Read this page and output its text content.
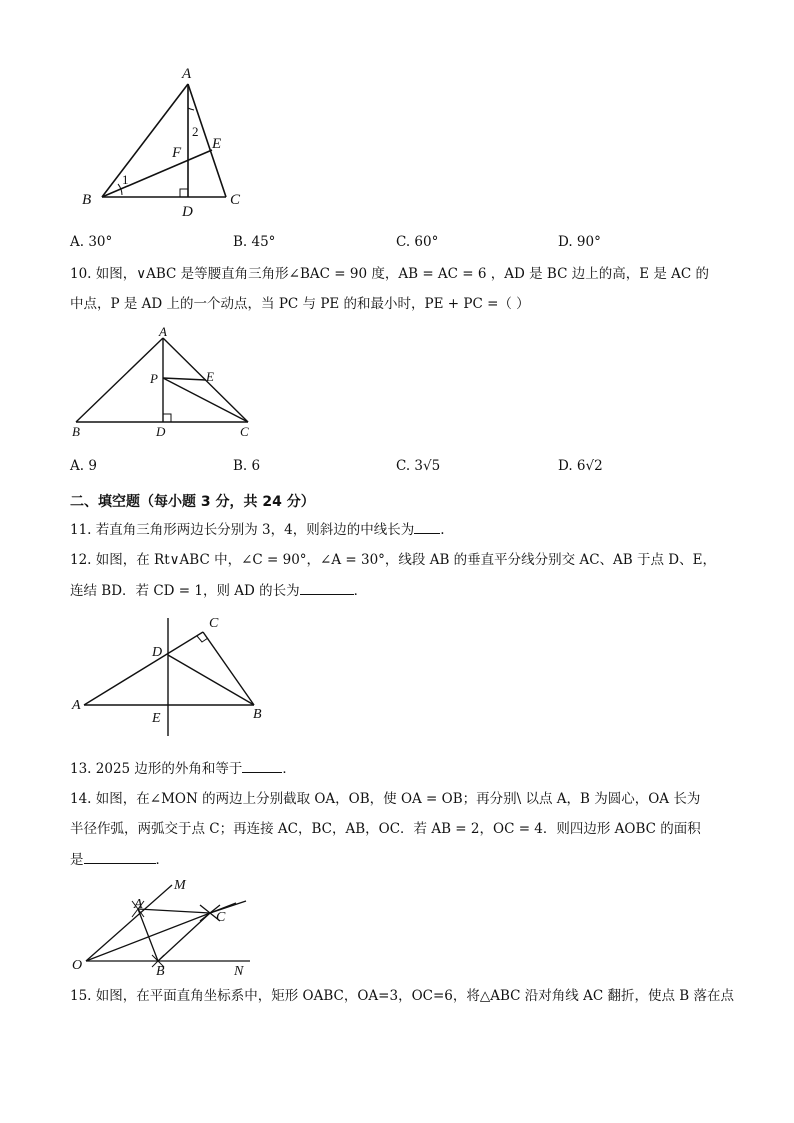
A
B	C
D
E
F
1
2
A. 30°	B. 45°	C. 60°	D. 90°
10. 如图，∨ABC 是等腰直角三角形∠BAC = 90 度，AB = AC = 6 ，AD 是 BC 边上的高，E 是 AC 的
中点，P 是 AD 上的一个动点，当 PC 与 PE 的和最小时，PE + PC =（ ）
A
B	C
D
E
P
A. 9	B. 6	C. 3√5	D. 6√2
二、填空题（每小题 3 分，共 24 分）
11. 若直角三角形两边长分别为 3，4，则斜边的中线长为 .
12. 如图，在 Rt∨ABC 中，∠C = 90°，∠A = 30°，线段 AB 的垂直平分线分别交 AC、AB 于点 D、E，
连结 BD．若 CD = 1，则 AD 的长为	．
C
D
A
B
E
13. 2025 边形的外角和等于	．
14. 如图，在∠MON 的两边上分别截取 OA，OB，使 OA = OB；再分别\ 以点 A，B 为圆心，OA 长为
半径作弧，两弧交于点 C；再连接 AC，BC，AB，OC．若 AB = 2，OC = 4．则四边形 AOBC 的面积
是	．
A
B
C
M
N
O
15. 如图，在平面直角坐标系中，矩形 OABC，OA=3，OC=6，将△ABC 沿对角线 AC 翻折，使点 B 落在点
